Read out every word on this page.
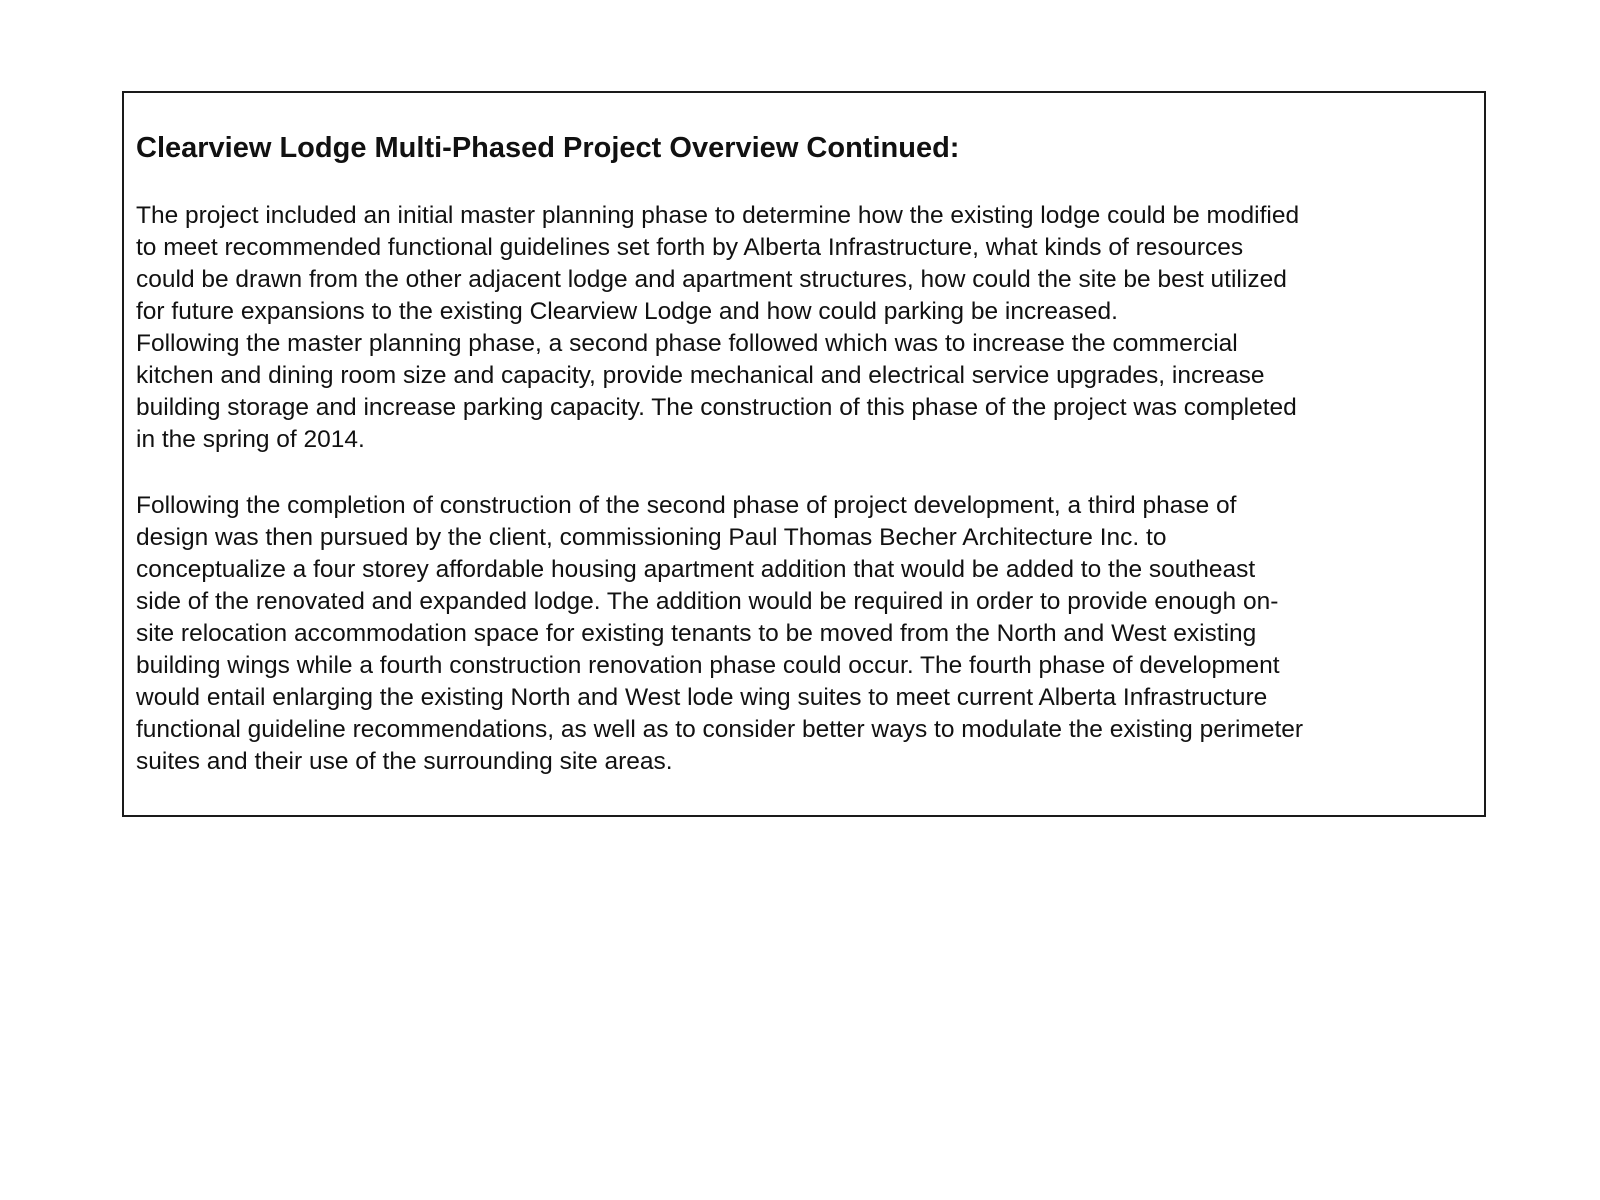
Clearview Lodge Multi-Phased Project Overview Continued:

The project included an initial master planning phase to determine how the existing lodge could be modified
to meet recommended functional guidelines set forth by Alberta Infrastructure, what kinds of resources
could be drawn from the other adjacent lodge and apartment structures, how could the site be best utilized
for future expansions to the existing Clearview Lodge and how could parking be increased.

Following the master planning phase, a second phase followed which was to increase the commercial
kitchen and dining room size and capacity, provide mechanical and electrical service upgrades, increase
building storage and increase parking capacity. The construction of this phase of the project was completed
in the spring of 2014.

Following the completion of construction of the second phase of project development, a third phase of
design was then pursued by the client, commissioning Paul Thomas Becher Architecture Inc. to
conceptualize a four storey affordable housing apartment addition that would be added to the southeast
side of the renovated and expanded lodge. The addition would be required in order to provide enough on-
site relocation accommodation space for existing tenants to be moved from the North and West existing
building wings while a fourth construction renovation phase could occur. The fourth phase of development
would entail enlarging the existing North and West lode wing suites to meet current Alberta Infrastructure
functional guideline recommendations, as well as to consider better ways to modulate the existing perimeter
suites and their use of the surrounding site areas.
